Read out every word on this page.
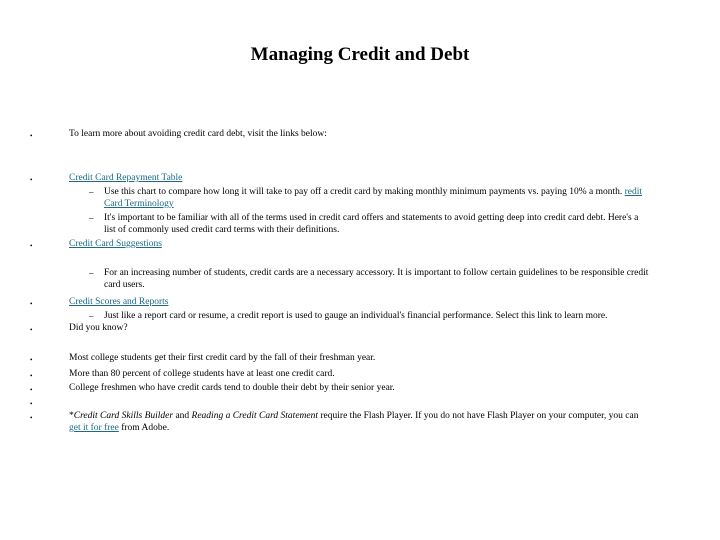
Managing Credit and Debt
•	To learn more about avoiding credit card debt, visit the links below:
•	Credit Card Repayment Table
– Use this chart to compare how long it will take to pay off a credit card by making monthly minimum payments vs. paying 10% a month. redit
Card Terminology
– It's important to be familiar with all of the terms used in credit card offers and statements to avoid getting deep into credit card debt. Here's a
list of commonly used credit card terms with their definitions.
•	Credit Card Suggestions
– For an increasing number of students, credit cards are a necessary accessory. It is important to follow certain guidelines to be responsible credit
card users.
•	Credit Scores and Reports
– Just like a report card or resume, a credit report is used to gauge an individual's financial performance. Select this link to learn more.
•	Did you know?
•	Most college students get their first credit card by the fall of their freshman year.
•	More than 80 percent of college students have at least one credit card.
•	College freshmen who have credit cards tend to double their debt by their senior year.
•
•	*Credit Card Skills Builder and Reading a Credit Card Statement require the Flash Player. If you do not have Flash Player on your computer, you can
get it for free from Adobe.
